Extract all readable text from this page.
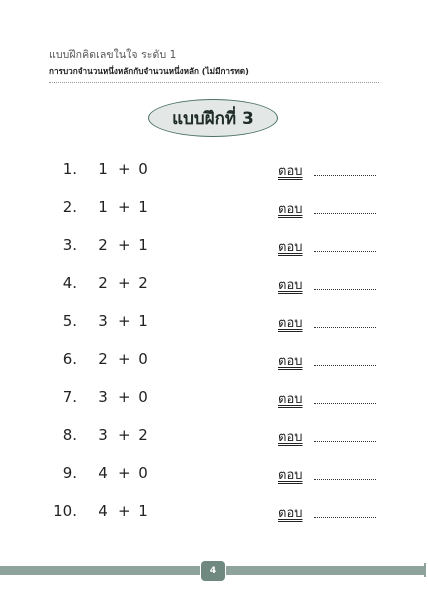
แบบฝึกคิดเลขในใจ ระดับ 1
การบวกจำนวนหนึ่งหลักกับจำนวนหนึ่งหลัก (ไม่มีการทด)
แบบฝึกที่ 3
1. 1 + 0	ตอบ
2. 1 + 1	ตอบ
3. 2 + 1	ตอบ
4. 2 + 2	ตอบ
5. 3 + 1	ตอบ
6. 2 + 0	ตอบ
7. 3 + 0	ตอบ
8. 3 + 2	ตอบ
9. 4 + 0	ตอบ
10. 4 + 1	ตอบ
4
